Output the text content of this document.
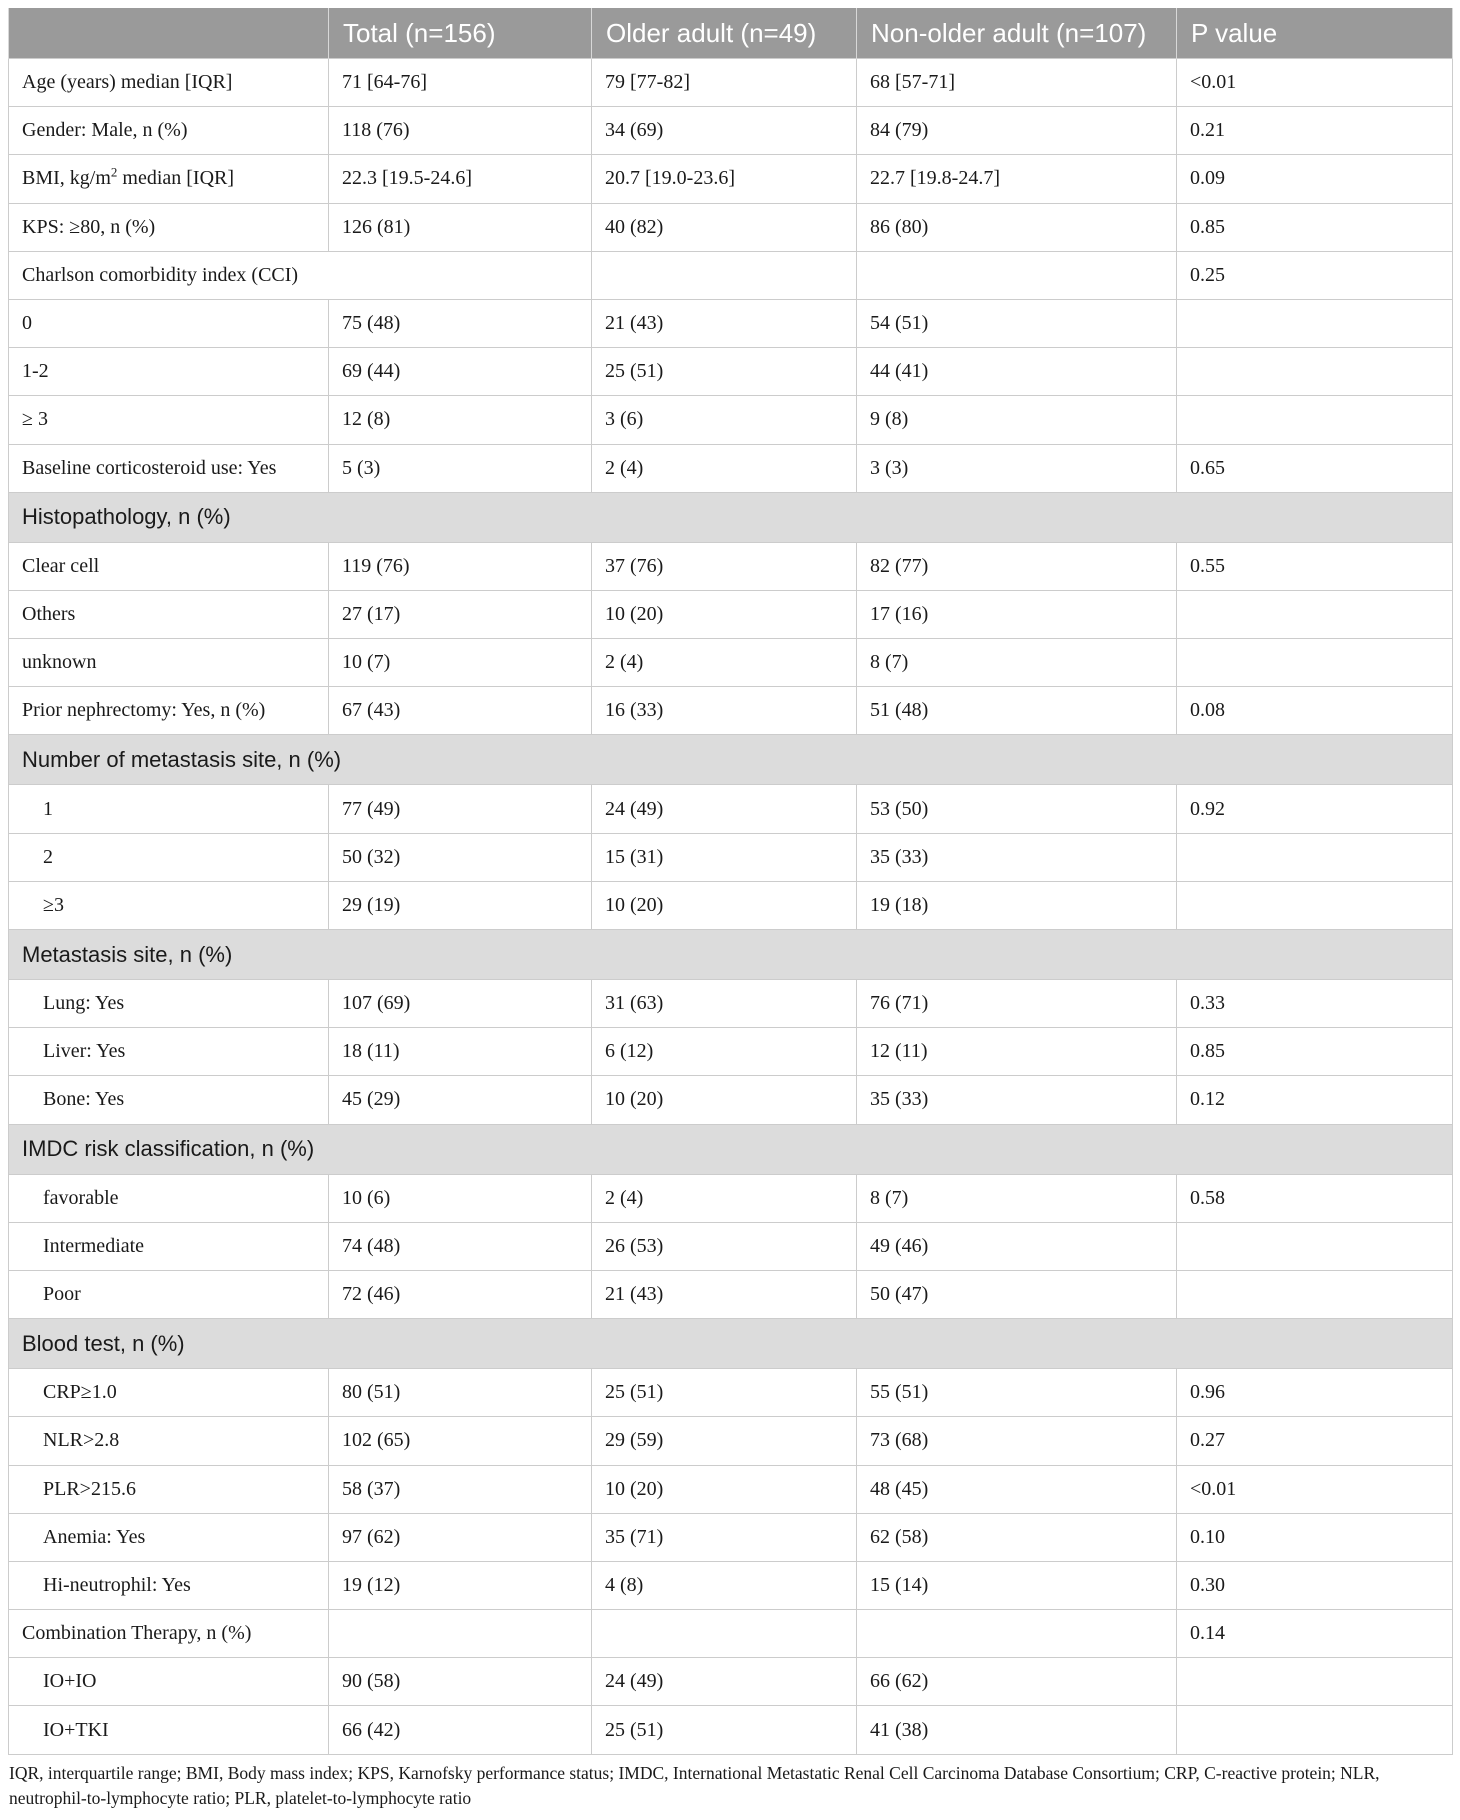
	Total (n=156)	Older adult (n=49)	Non-older adult (n=107)	P value
Age (years) median [IQR]	71 [64-76]	79 [77-82]	68 [57-71]	<0.01
Gender: Male, n (%)	118 (76)	34 (69)	84 (79)	0.21
BMI, $kg/m^2$ median [IQR]	22.3 [19.5-24.6]	20.7 [19.0-23.6]	22.7 [19.8-24.7]	0.09
KPS: ≥80, n (%)	126 (81)	40 (82)	86 (80)	0.85
Charlson comorbidity index (CCI)				0.25
0	75 (48)	21 (43)	54 (51)	
1-2	69 (44)	25 (51)	44 (41)	
≥ 3	12 (8)	3 (6)	9 (8)	
Baseline corticosteroid use: Yes	5 (3)	2 (4)	3 (3)	0.65
Histopathology, n (%)				
Clear cell	119 (76)	37 (76)	82 (77)	0.55
Others	27 (17)	10 (20)	17 (16)	
unknown	10 (7)	2 (4)	8 (7)	
Prior nephrectomy: Yes, n (%)	67 (43)	16 (33)	51 (48)	0.08
Number of metastasis site, n (%)				
1	77 (49)	24 (49)	53 (50)	0.92
2	50 (32)	15 (31)	35 (33)	
≥3	29 (19)	10 (20)	19 (18)	
Metastasis site, n (%)				
Lung: Yes	107 (69)	31 (63)	76 (71)	0.33
Liver: Yes	18 (11)	6 (12)	12 (11)	0.85
Bone: Yes	45 (29)	10 (20)	35 (33)	0.12
IMDC risk classification, n (%)				
favorable	10 (6)	2 (4)	8 (7)	0.58
Intermediate	74 (48)	26 (53)	49 (46)	
Poor	72 (46)	21 (43)	50 (47)	
Blood test, n (%)				
CRP≥1.0	80 (51)	25 (51)	55 (51)	0.96
NLR>2.8	102 (65)	29 (59)	73 (68)	0.27
PLR>215.6	58 (37)	10 (20)	48 (45)	<0.01
Anemia: Yes	97 (62)	35 (71)	62 (58)	0.10
Hi-neutrophil: Yes	19 (12)	4 (8)	15 (14)	0.30
Combination Therapy, n (%)				0.14
IO+IO	90 (58)	24 (49)	66 (62)	
IO+TKI	66 (42)	25 (51)	41 (38)	
IQR, interquartile range; BMI, Body mass index; KPS, Karnofsky performance status; IMDC, International Metastatic Renal Cell Carcinoma Database Consortium; CRP, C-reactive protein; NLR, neutrophil-to-lymphocyte ratio; PLR, platelet-to-lymphocyte ratio
